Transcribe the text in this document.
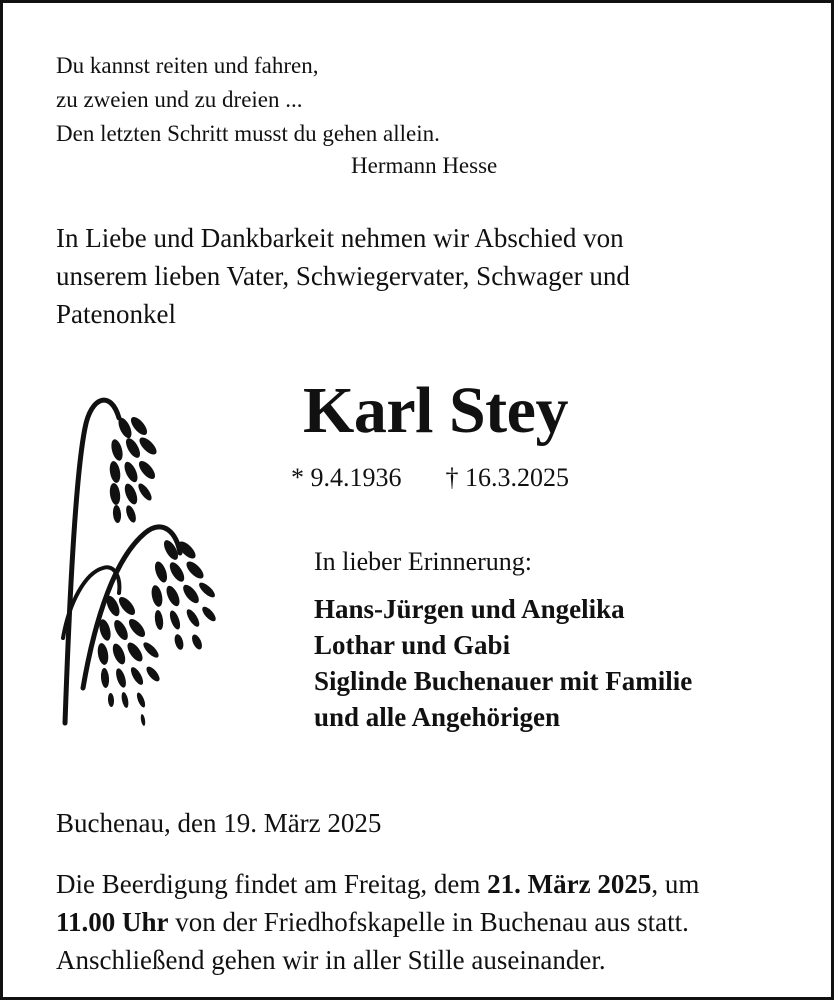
Du kannst reiten und fahren,
zu zweien und zu dreien ...
Den letzten Schritt musst du gehen allein.
Hermann Hesse
In Liebe und Dankbarkeit nehmen wir Abschied von
unserem lieben Vater, Schwiegervater, Schwager und
Patenonkel
Karl Stey
* 9.4.1936 † 16.3.2025
In lieber Erinnerung:
Hans-Jürgen und Angelika
Lothar und Gabi
Siglinde Buchenauer mit Familie
und alle Angehörigen
Buchenau, den 19. März 2025
Die Beerdigung findet am Freitag, dem 21. März 2025, um
11.00 Uhr von der Friedhofskapelle in Buchenau aus statt.
Anschließend gehen wir in aller Stille auseinander.
